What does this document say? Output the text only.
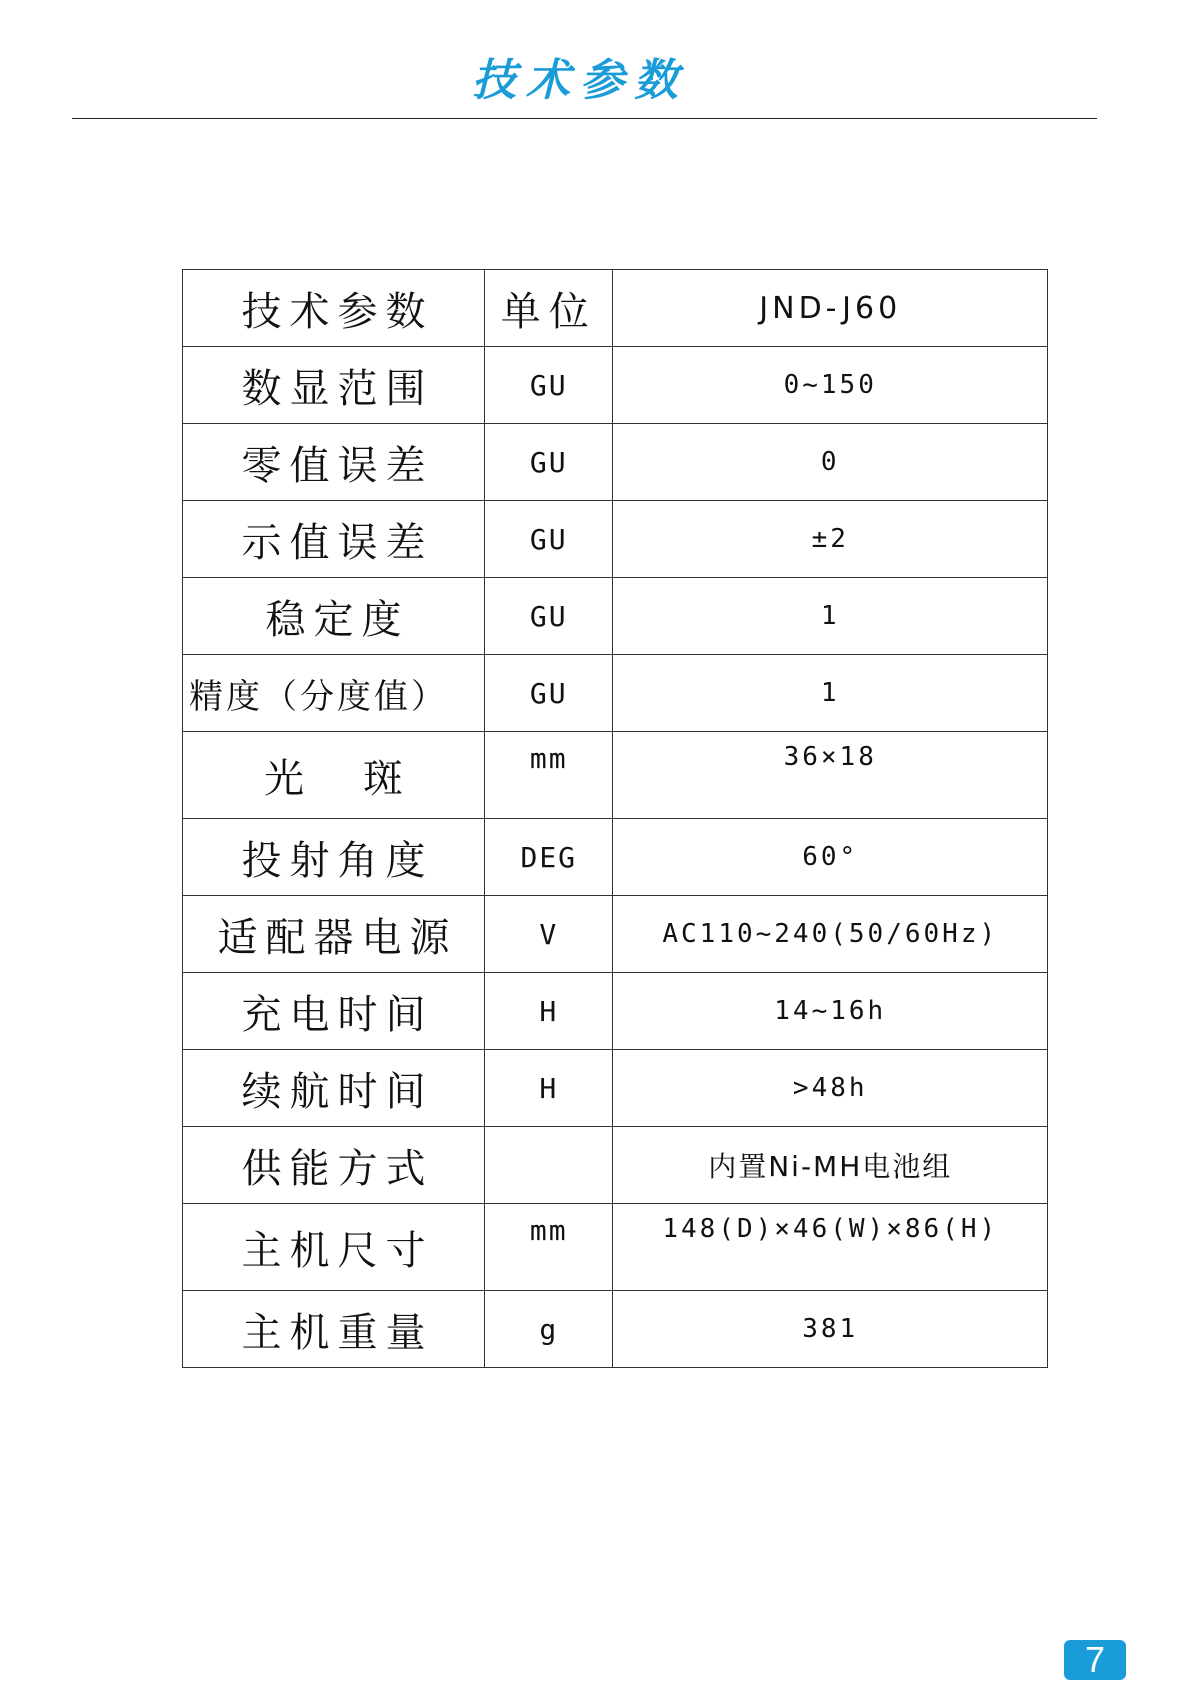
技术参数
技术参数	单位	JND-J60
数显范围	GU	0~150
零值误差	GU	0
示值误差	GU	±2
稳定度	GU	1
精度（分度值）	GU	1
光 斑	mm	36×18
投射角度	DEG	60°
适配器电源	V	AC110~240(50/60Hz)
充电时间	H	14~16h
续航时间	H	>48h
供能方式		内置Ni-MH电池组
主机尺寸	mm	148(D)×46(W)×86(H)
主机重量	g	381
7
